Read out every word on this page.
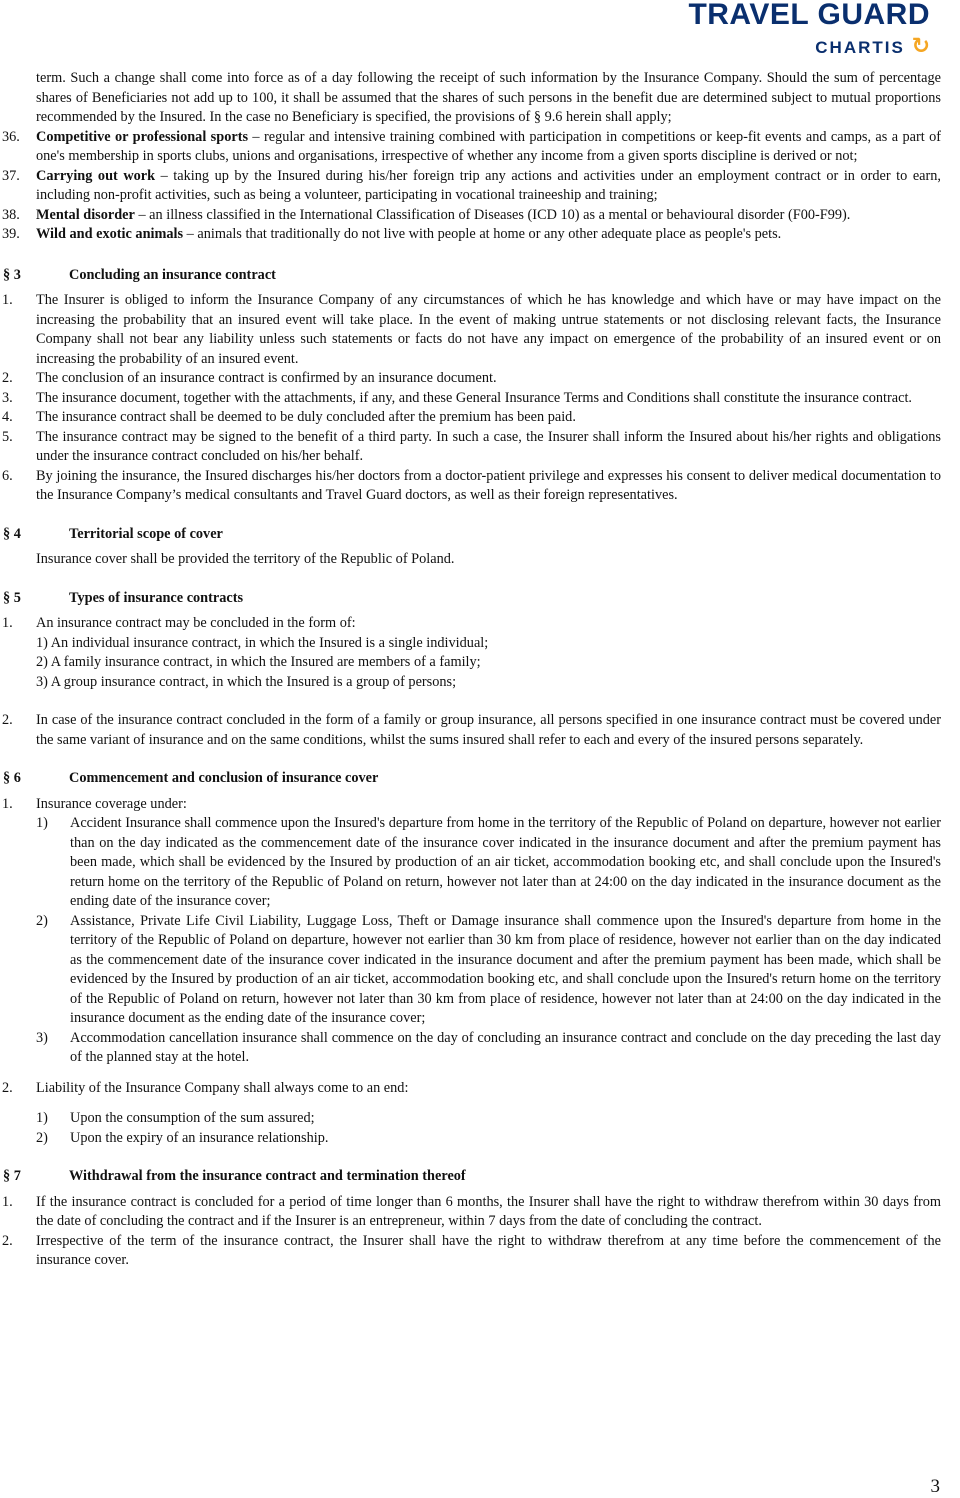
TRAVEL GUARD
CHARTIS ↻
term. Such a change shall come into force as of a day following the receipt of such information by the Insurance Company. Should the sum of percentage shares of Beneficiaries not add up to 100, it shall be assumed that the shares of such persons in the benefit due are determined subject to mutual proportions recommended by the Insured. In the case no Beneficiary is specified, the provisions of § 9.6 herein shall apply;
36. Competitive or professional sports – regular and intensive training combined with participation in competitions or keep-fit events and camps, as a part of one's membership in sports clubs, unions and organisations, irrespective of whether any income from a given sports discipline is derived or not;
37. Carrying out work – taking up by the Insured during his/her foreign trip any actions and activities under an employment contract or in order to earn, including non-profit activities, such as being a volunteer, participating in vocational traineeship and training;
38. Mental disorder – an illness classified in the International Classification of Diseases (ICD 10) as a mental or behavioural disorder (F00-F99).
39. Wild and exotic animals – animals that traditionally do not live with people at home or any other adequate place as people's pets.
§ 3	Concluding an insurance contract
1. The Insurer is obliged to inform the Insurance Company of any circumstances of which he has knowledge and which have or may have impact on the increasing the probability that an insured event will take place. In the event of making untrue statements or not disclosing relevant facts, the Insurance Company shall not bear any liability unless such statements or facts do not have any impact on emergence of the probability of an insured event or on increasing the probability of an insured event.
2. The conclusion of an insurance contract is confirmed by an insurance document.
3. The insurance document, together with the attachments, if any, and these General Insurance Terms and Conditions shall constitute the insurance contract.
4. The insurance contract shall be deemed to be duly concluded after the premium has been paid.
5. The insurance contract may be signed to the benefit of a third party. In such a case, the Insurer shall inform the Insured about his/her rights and obligations under the insurance contract concluded on his/her behalf.
6. By joining the insurance, the Insured discharges his/her doctors from a doctor-patient privilege and expresses his consent to deliver medical documentation to the Insurance Company’s medical consultants and Travel Guard doctors, as well as their foreign representatives.
§ 4	Territorial scope of cover
Insurance cover shall be provided the territory of the Republic of Poland.
§ 5	Types of insurance contracts
1. An insurance contract may be concluded in the form of:
1) An individual insurance contract, in which the Insured is a single individual;
2) A family insurance contract, in which the Insured are members of a family;
3) A group insurance contract, in which the Insured is a group of persons;
2. In case of the insurance contract concluded in the form of a family or group insurance, all persons specified in one insurance contract must be covered under the same variant of insurance and on the same conditions, whilst the sums insured shall refer to each and every of the insured persons separately.
§ 6	Commencement and conclusion of insurance cover
1. Insurance coverage under:
1) Accident Insurance shall commence upon the Insured's departure from home in the territory of the Republic of Poland on departure, however not earlier than on the day indicated as the commencement date of the insurance cover indicated in the insurance document and after the premium payment has been made, which shall be evidenced by the Insured by production of an air ticket, accommodation booking etc, and shall conclude upon the Insured's return home on the territory of the Republic of Poland on return, however not later than at 24:00 on the day indicated in the insurance document as the ending date of the insurance cover;
2) Assistance, Private Life Civil Liability, Luggage Loss, Theft or Damage insurance shall commence upon the Insured's departure from home in the territory of the Republic of Poland on departure, however not earlier than 30 km from place of residence, however not earlier than on the day indicated as the commencement date of the insurance cover indicated in the insurance document and after the premium payment has been made, which shall be evidenced by the Insured by production of an air ticket, accommodation booking etc, and shall conclude upon the Insured's return home on the territory of the Republic of Poland on return, however not later than 30 km from place of residence, however not later than at 24:00 on the day indicated in the insurance document as the ending date of the insurance cover;
3) Accommodation cancellation insurance shall commence on the day of concluding an insurance contract and conclude on the day preceding the last day of the planned stay at the hotel.
2. Liability of the Insurance Company shall always come to an end:
1) Upon the consumption of the sum assured;
2) Upon the expiry of an insurance relationship.
§ 7	Withdrawal from the insurance contract and termination thereof
1. If the insurance contract is concluded for a period of time longer than 6 months, the Insurer shall have the right to withdraw therefrom within 30 days from the date of concluding the contract and if the Insurer is an entrepreneur, within 7 days from the date of concluding the contract.
2. Irrespective of the term of the insurance contract, the Insurer shall have the right to withdraw therefrom at any time before the commencement of the insurance cover.
3
